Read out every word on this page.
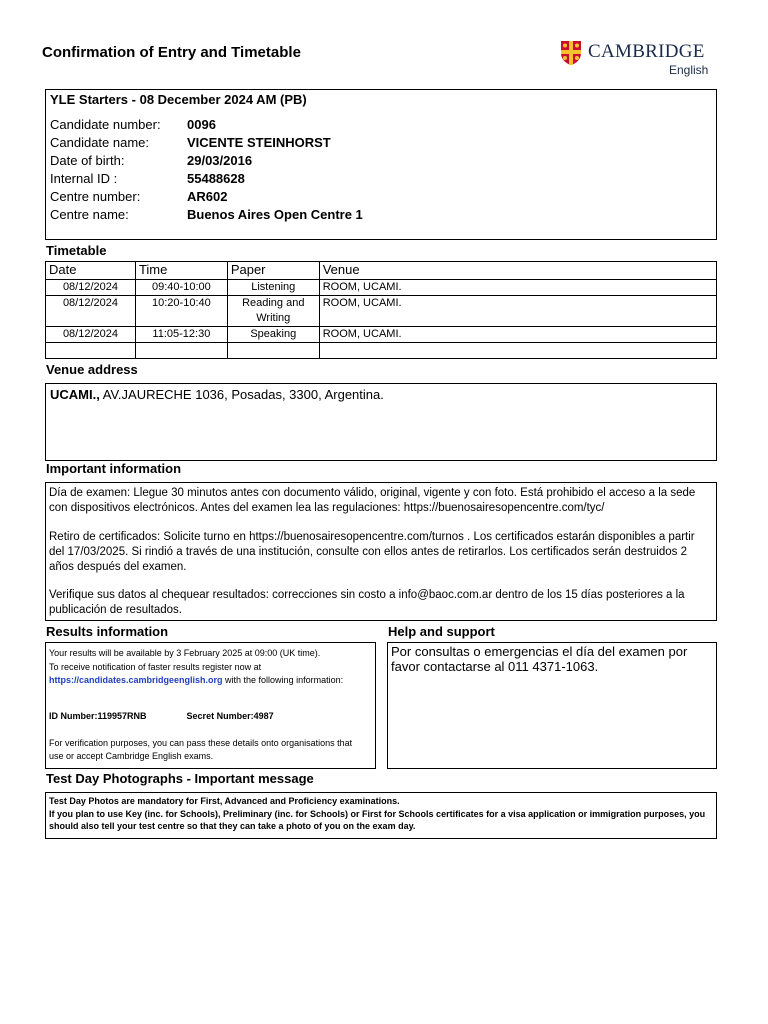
Confirmation of Entry and Timetable	CAMBRIDGE
English
YLE Starters - 08 December 2024 AM (PB)
Candidate number: 0096
Candidate name:	VICENTE STEINHORST
Date of birth:	29/03/2016
Internal ID :	55488628
Centre number:	AR602
Centre name:	Buenos Aires Open Centre 1
Timetable
Date	Time	Paper	Venue
08/12/2024	09:40-10:00	Listening	ROOM, UCAMI.
08/12/2024	10:20-10:40	Reading and Writing	ROOM, UCAMI.
08/12/2024	11:05-12:30	Speaking	ROOM, UCAMI.

Venue address
UCAMI., AV.JAURECHE 1036, Posadas, 3300, Argentina.
Important information
Día de examen: Llegue 30 minutos antes con documento válido, original, vigente y con foto. Está prohibido el acceso a la sede con dispositivos electrónicos. Antes del examen lea las regulaciones: https://buenosairesopencentre.com/tyc/
Retiro de certificados: Solicite turno en https://buenosairesopencentre.com/turnos . Los certificados estarán disponibles a partir del 17/03/2025. Si rindió a través de una institución, consulte con ellos antes de retirarlos. Los certificados serán destruidos 2 años después del examen.
Verifique sus datos al chequear resultados: correcciones sin costo a info@baoc.com.ar dentro de los 15 días posteriores a la publicación de resultados.
Results information
Your results will be available by 3 February 2025 at 09:00 (UK time).
To receive notification of faster results register now at https://candidates.cambridgeenglish.org with the following information:
ID Number:119957RNB	Secret Number:4987
For verification purposes, you can pass these details onto organisations that use or accept Cambridge English exams.
Help and support
Por consultas o emergencias el día del examen por favor contactarse al 011 4371-1063.
Test Day Photographs - Important message
Test Day Photos are mandatory for First, Advanced and Proficiency examinations.
If you plan to use Key (inc. for Schools), Preliminary (inc. for Schools) or First for Schools certificates for a visa application or immigration purposes, you should also tell your test centre so that they can take a photo of you on the exam day.
